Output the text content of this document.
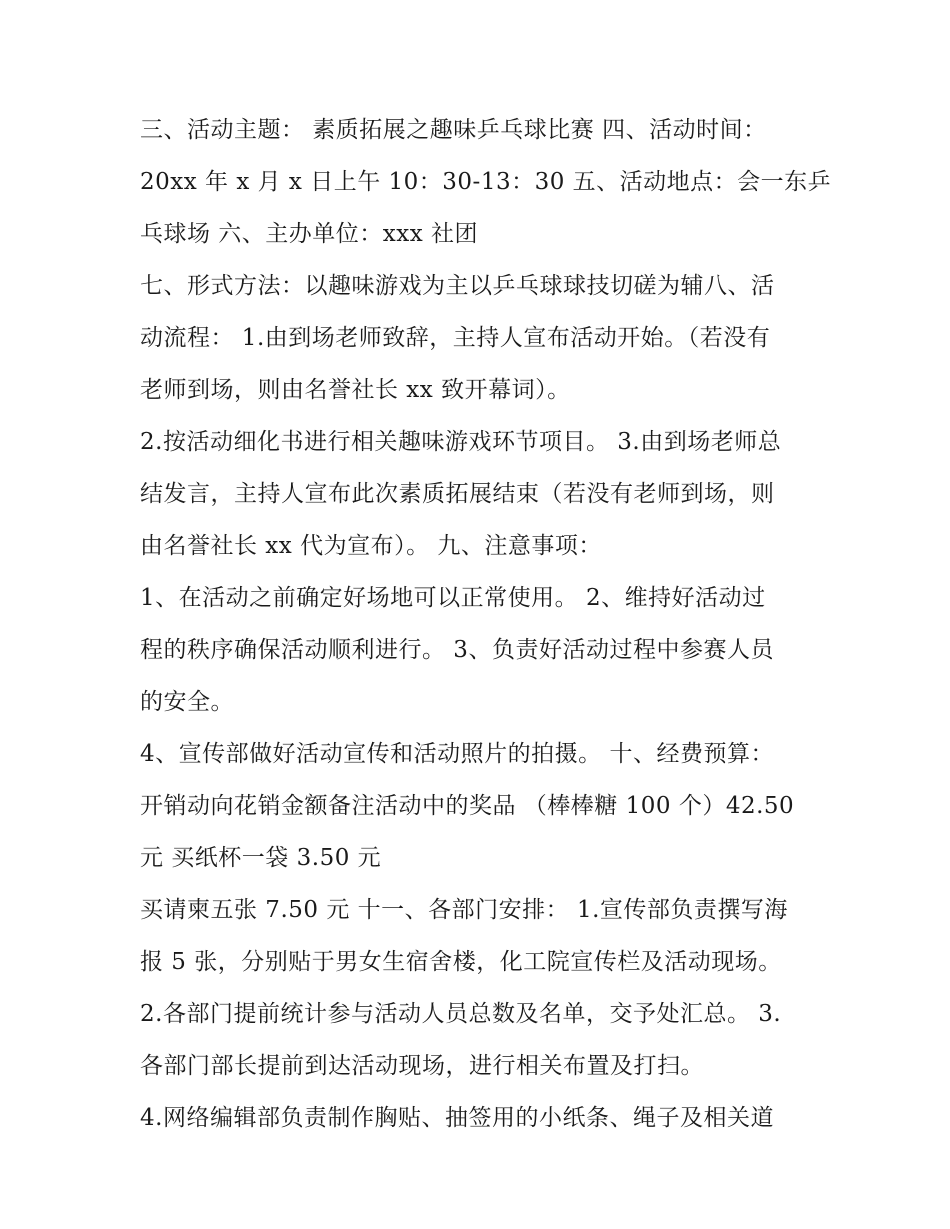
三、活动主题： 素质拓展之趣味乒乓球比赛 四、活动时间：
20xx 年 x 月 x 日上午 10：30-13：30 五、活动地点：会一东乒
乓球场 六、主办单位：xxx 社团
七、形式方法：以趣味游戏为主以乒乓球球技切磋为辅八、活
动流程： 1.由到场老师致辞，主持人宣布活动开始。（若没有
老师到场，则由名誉社长 xx 致开幕词）。
2.按活动细化书进行相关趣味游戏环节项目。 3.由到场老师总
结发言，主持人宣布此次素质拓展结束（若没有老师到场，则
由名誉社长 xx 代为宣布）。 九、注意事项：
1、在活动之前确定好场地可以正常使用。 2、维持好活动过
程的秩序确保活动顺利进行。 3、负责好活动过程中参赛人员
的安全。
4、宣传部做好活动宣传和活动照片的拍摄。 十、经费预算：
开销动向花销金额备注活动中的奖品 （棒棒糖 100 个）42.50
元 买纸杯一袋 3.50 元
买请柬五张 7.50 元 十一、各部门安排： 1.宣传部负责撰写海
报 5 张，分别贴于男女生宿舍楼，化工院宣传栏及活动现场。
2.各部门提前统计参与活动人员总数及名单，交予处汇总。 3.
各部门部长提前到达活动现场，进行相关布置及打扫。
4.网络编辑部负责制作胸贴、抽签用的小纸条、绳子及相关道
